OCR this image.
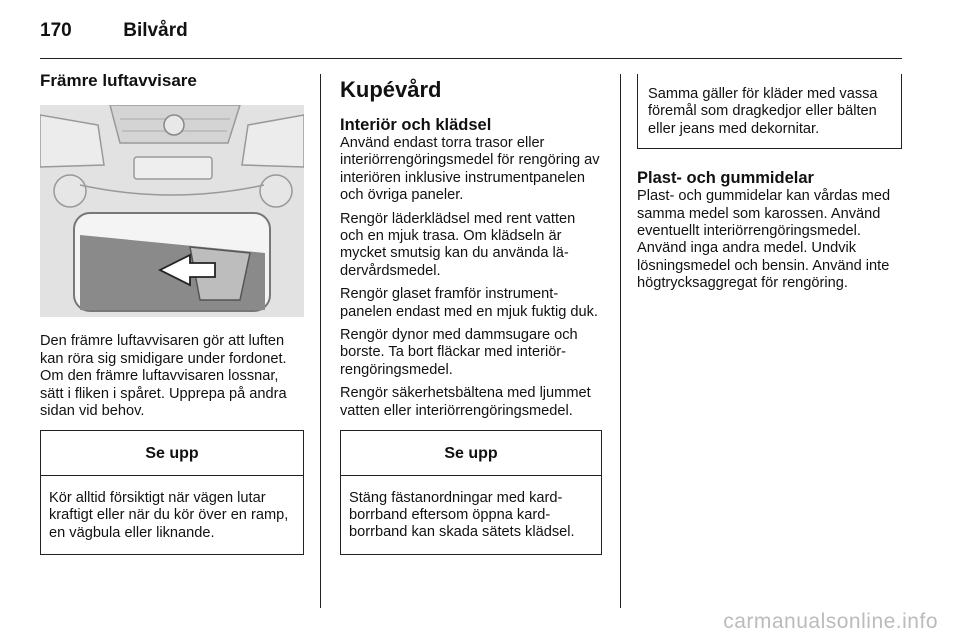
170	Bilvård
Främre luftavvisare

Den främre luftavvisaren gör att luften kan röra sig smidigare under fordonet. Om den främre luftavvisaren lossnar, sätt i fliken i spåret. Upprepa på andra sidan vid behov.

Se upp
Kör alltid försiktigt när vägen lutar kraftigt eller när du kör över en ramp, en vägbula eller liknande.
Kupévård
Interiör och klädsel

Använd endast torra trasor eller interiörrengöringsmedel för rengöring av interiören inklusive instrumentpanelen och övriga paneler.

Rengör läderklädsel med rent vatten och en mjuk trasa. Om klädseln är mycket smutsig kan du använda lädervårdsmedel.

Rengör glaset framför instrumentpanelen endast med en mjuk fuktig duk.

Rengör dynor med dammsugare och borste. Ta bort fläckar med interiörrengöringsmedel.

Rengör säkerhetsbältena med ljummet vatten eller interiörrengöringsmedel.

Se upp
Stäng fästanordningar med kardborrband eftersom öppna kardborrband kan skada sätets klädsel.
Samma gäller för kläder med vassa föremål som dragkedjor eller bälten eller jeans med dekornitar.
Plast- och gummidelar

Plast- och gummidelar kan vårdas med samma medel som karossen. Använd eventuellt interiörrengöringsmedel. Använd inga andra medel. Undvik lösningsmedel och bensin. Använd inte högtrycksaggregat för rengöring.

carmanualsonline.info
